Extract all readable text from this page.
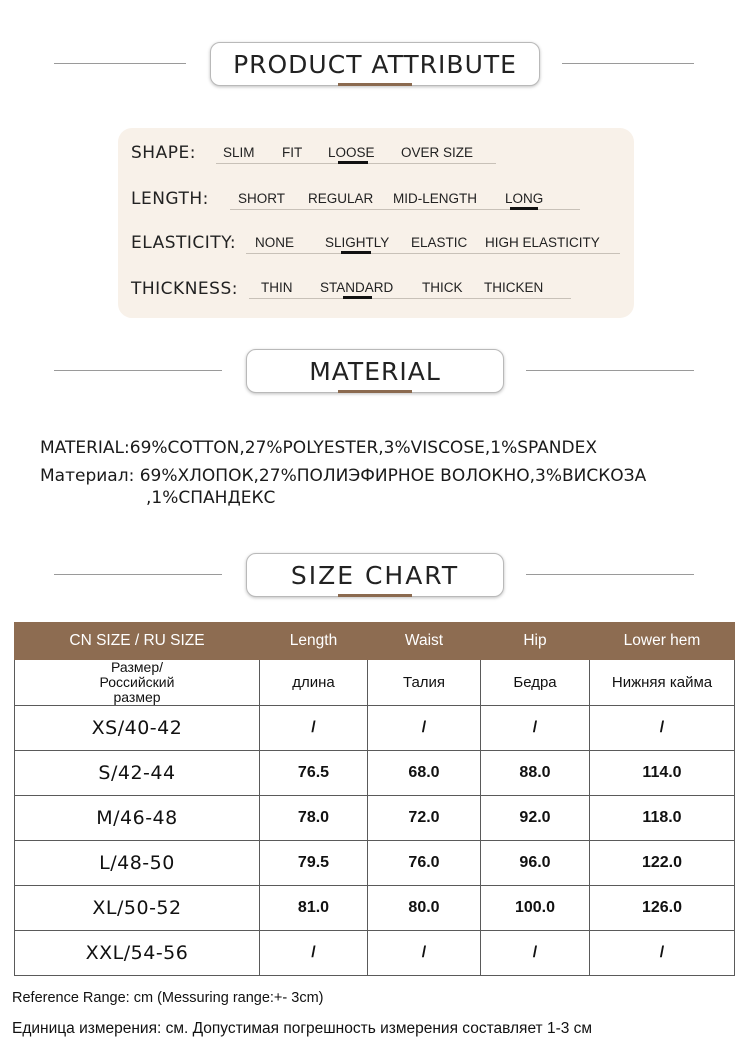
PRODUCT ATTRIBUTE
SHAPE: SLIM FIT LOOSE OVER SIZE
LENGTH: SHORT REGULAR MID-LENGTH LONG
ELASTICITY: NONE SLIGHTLY ELASTIC HIGH ELASTICITY
THICKNESS: THIN STANDARD THICK THICKEN
MATERIAL
MATERIAL:69%COTTON,27%POLYESTER,3%VISCOSE,1%SPANDEX
Материал: 69%ХЛОПОК,27%ПОЛИЭФИРНОЕ ВОЛОКНО,3%ВИСКОЗА
,1%СПАНДЕКС
SIZE CHART
CN SIZE / RU SIZE	Length	Waist	Hip	Lower hem
Размер/Российский размер	длина	Талия	Бедра	Нижняя кайма
XS/40-42	/	/	/	/
S/42-44	76.5	68.0	88.0	114.0
M/46-48	78.0	72.0	92.0	118.0
L/48-50	79.5	76.0	96.0	122.0
XL/50-52	81.0	80.0	100.0	126.0
XXL/54-56	/	/	/	/
Reference Range: cm (Messuring range:+- 3cm)
Единица измерения: см. Допустимая погрешность измерения составляет 1-3 см
